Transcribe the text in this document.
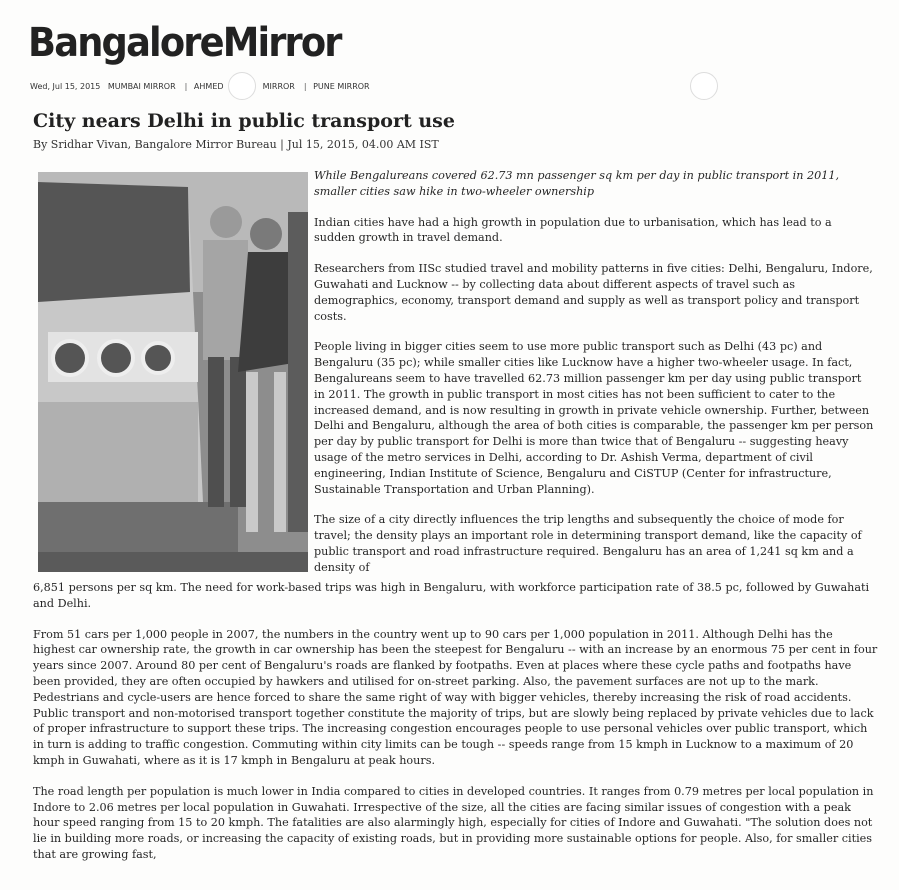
BangaloreMirror
Wed, Jul 15, 2015 MUMBAI MIRROR | AHMED	MIRROR | PUNE MIRROR
City nears Delhi in public transport use
By Sridhar Vivan, Bangalore Mirror Bureau | Jul 15, 2015, 04.00 AM IST

While Bengalureans covered 62.73 mn passenger sq km per day in public transport in 2011, smaller cities saw hike in two-wheeler ownership

Indian cities have had a high growth in population due to urbanisation, which has lead to a sudden growth in travel demand.

Researchers from IISc studied travel and mobility patterns in five cities: Delhi, Bengaluru, Indore, Guwahati and Lucknow -- by collecting data about different aspects of travel such as demographics, economy, transport demand and supply as well as transport policy and transport costs.

People living in bigger cities seem to use more public transport such as Delhi (43 pc) and Bengaluru (35 pc); while smaller cities like Lucknow have a higher two-wheeler usage. In fact, Bengalureans seem to have travelled 62.73 million passenger km per day using public transport in 2011. The growth in public transport in most cities has not been sufficient to cater to the increased demand, and is now resulting in growth in private vehicle ownership. Further, between Delhi and Bengaluru, although the area of both cities is comparable, the passenger km per person per day by public transport for Delhi is more than twice that of Bengaluru -- suggesting heavy usage of the metro services in Delhi, according to Dr. Ashish Verma, department of civil engineering, Indian Institute of Science, Bengaluru and CiSTUP (Center for infrastructure, Sustainable Transportation and Urban Planning).

The size of a city directly influences the trip lengths and subsequently the choice of mode for travel; the density plays an important role in determining transport demand, like the capacity of public transport and road infrastructure required. Bengaluru has an area of 1,241 sq km and a density of

6,851 persons per sq km. The need for work-based trips was high in Bengaluru, with workforce participation rate of 38.5 pc, followed by Guwahati and Delhi.

From 51 cars per 1,000 people in 2007, the numbers in the country went up to 90 cars per 1,000 population in 2011. Although Delhi has the highest car ownership rate, the growth in car ownership has been the steepest for Bengaluru -- with an increase by an enormous 75 per cent in four years since 2007. Around 80 per cent of Bengaluru's roads are flanked by footpaths. Even at places where these cycle paths and footpaths have been provided, they are often occupied by hawkers and utilised for on-street parking. Also, the pavement surfaces are not up to the mark. Pedestrians and cycle-users are hence forced to share the same right of way with bigger vehicles, thereby increasing the risk of road accidents. Public transport and non-motorised transport together constitute the majority of trips, but are slowly being replaced by private vehicles due to lack of proper infrastructure to support these trips. The increasing congestion encourages people to use personal vehicles over public transport, which in turn is adding to traffic congestion. Commuting within city limits can be tough -- speeds range from 15 kmph in Lucknow to a maximum of 20 kmph in Guwahati, where as it is 17 kmph in Bengaluru at peak hours.

The road length per population is much lower in India compared to cities in developed countries. It ranges from 0.79 metres per local population in Indore to 2.06 metres per local population in Guwahati. Irrespective of the size, all the cities are facing similar issues of congestion with a peak hour speed ranging from 15 to 20 kmph. The fatalities are also alarmingly high, especially for cities of Indore and Guwahati. "The solution does not lie in building more roads, or increasing the capacity of existing roads, but in providing more sustainable options for people. Also, for smaller cities that are growing fast,
